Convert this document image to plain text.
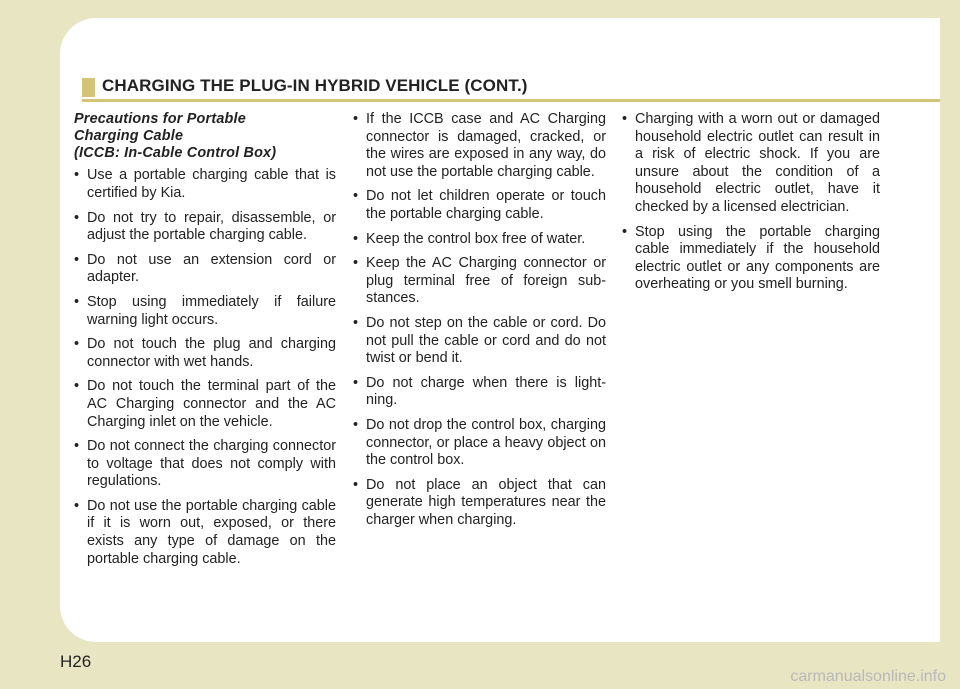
CHARGING THE PLUG-IN HYBRID VEHICLE (CONT.)
Precautions for Portable
Charging Cable
(ICCB: In-Cable Control Box)
• Use a portable charging cable that is certified by Kia.
• Do not try to repair, disassemble, or adjust the portable charging cable.
• Do not use an extension cord or adapter.
• Stop using immediately if failure warning light occurs.
• Do not touch the plug and charging connector with wet hands.
• Do not touch the terminal part of the AC Charging connector and the AC Charging inlet on the vehicle.
• Do not connect the charging connector to voltage that does not comply with regulations.
• Do not use the portable charging cable if it is worn out, exposed, or there exists any type of damage on the portable charging cable.
• If the ICCB case and AC Charging connector is damaged, cracked, or the wires are exposed in any way, do not use the portable charging cable.
• Do not let children operate or touch the portable charging cable.
• Keep the control box free of water.
• Keep the AC Charging connector or plug terminal free of foreign substances.
• Do not step on the cable or cord. Do not pull the cable or cord and do not twist or bend it.
• Do not charge when there is lightning.
• Do not drop the control box, charging connector, or place a heavy object on the control box.
• Do not place an object that can generate high temperatures near the charger when charging.
• Charging with a worn out or damaged household electric outlet can result in a risk of electric shock. If you are unsure about the condition of a household electric outlet, have it checked by a licensed electrician.
• Stop using the portable charging cable immediately if the household electric outlet or any components are overheating or you smell burning.
H26
carmanualsonline.info
